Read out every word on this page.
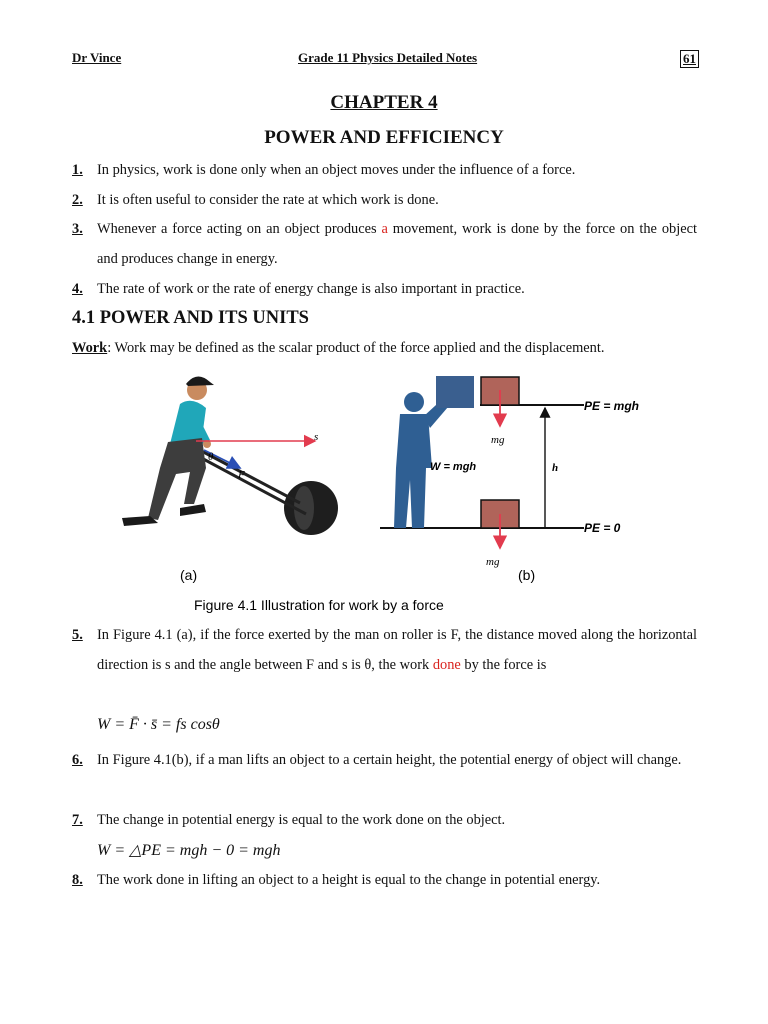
Dr Vince	Grade 11 Physics Detailed Notes	61
CHAPTER 4
POWER AND EFFICIENCY
1. In physics, work is done only when an object moves under the influence of a force.
2. It is often useful to consider the rate at which work is done.
3. Whenever a force acting on an object produces a movement, work is done by the force on the object and produces change in energy.
4. The rate of work or the rate of energy change is also important in practice.
4.1 POWER AND ITS UNITS
Work: Work may be defined as the scalar product of the force applied and the displacement.
s
F
θ
PE = mgh
PE = 0
mg
mg
W = mgh	h
(a)	(b)
Figure 4.1 Illustration for work by a force
5. In Figure 4.1 (a), if the force exerted by the man on roller is F, the distance moved along the horizontal direction is s and the angle between F and s is θ, the work done by the force is
W = F̄ · s̄ = fs cosθ
6. In Figure 4.1(b), if a man lifts an object to a certain height, the potential energy of object will change.
7. The change in potential energy is equal to the work done on the object.
W = △PE = mgh − 0 = mgh
8. The work done in lifting an object to a height is equal to the change in potential energy.
